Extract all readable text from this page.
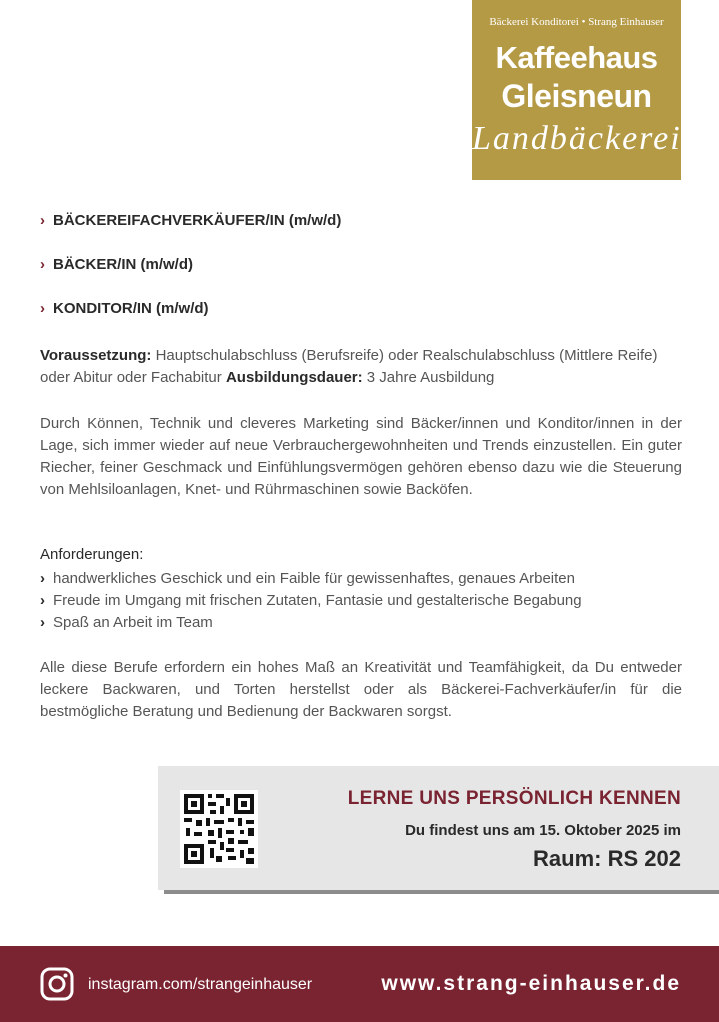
Bäckerei Konditorei • Strang Einhauser
Kaffeehaus
Gleisneun
Landbäckerei
› BÄCKEREIFACHVERKÄUFER/IN (m/w/d)
› BÄCKER/IN (m/w/d)
› KONDITOR/IN (m/w/d)
Voraussetzung: Hauptschulabschluss (Berufsreife) oder Realschulabschluss (Mittlere Reife) oder Abitur oder Fachabitur Ausbildungsdauer: 3 Jahre Ausbildung
Durch Können, Technik und cleveres Marketing sind Bäcker/innen und Konditor/innen in der Lage, sich immer wieder auf neue Verbrauchergewohnheiten und Trends einzustellen. Ein guter Riecher, feiner Geschmack und Einfühlungsvermögen gehören ebenso dazu wie die Steuerung von Mehlsiloanlagen, Knet- und Rührmaschinen sowie Backöfen.
Anforderungen:
› handwerkliches Geschick und ein Faible für gewissenhaftes, genaues Arbeiten
› Freude im Umgang mit frischen Zutaten, Fantasie und gestalterische Begabung
› Spaß an Arbeit im Team
Alle diese Berufe erfordern ein hohes Maß an Kreativität und Teamfähigkeit, da Du entweder leckere Backwaren, und Torten herstellst oder als Bäckerei-Fachverkäufer/in für die bestmögliche Beratung und Bedienung der Backwaren sorgst.
LERNE UNS PERSÖNLICH KENNEN
Du findest uns am 15. Oktober 2025 im
Raum: RS 202
instagram.com/strangeinhauser	www.strang-einhauser.de
